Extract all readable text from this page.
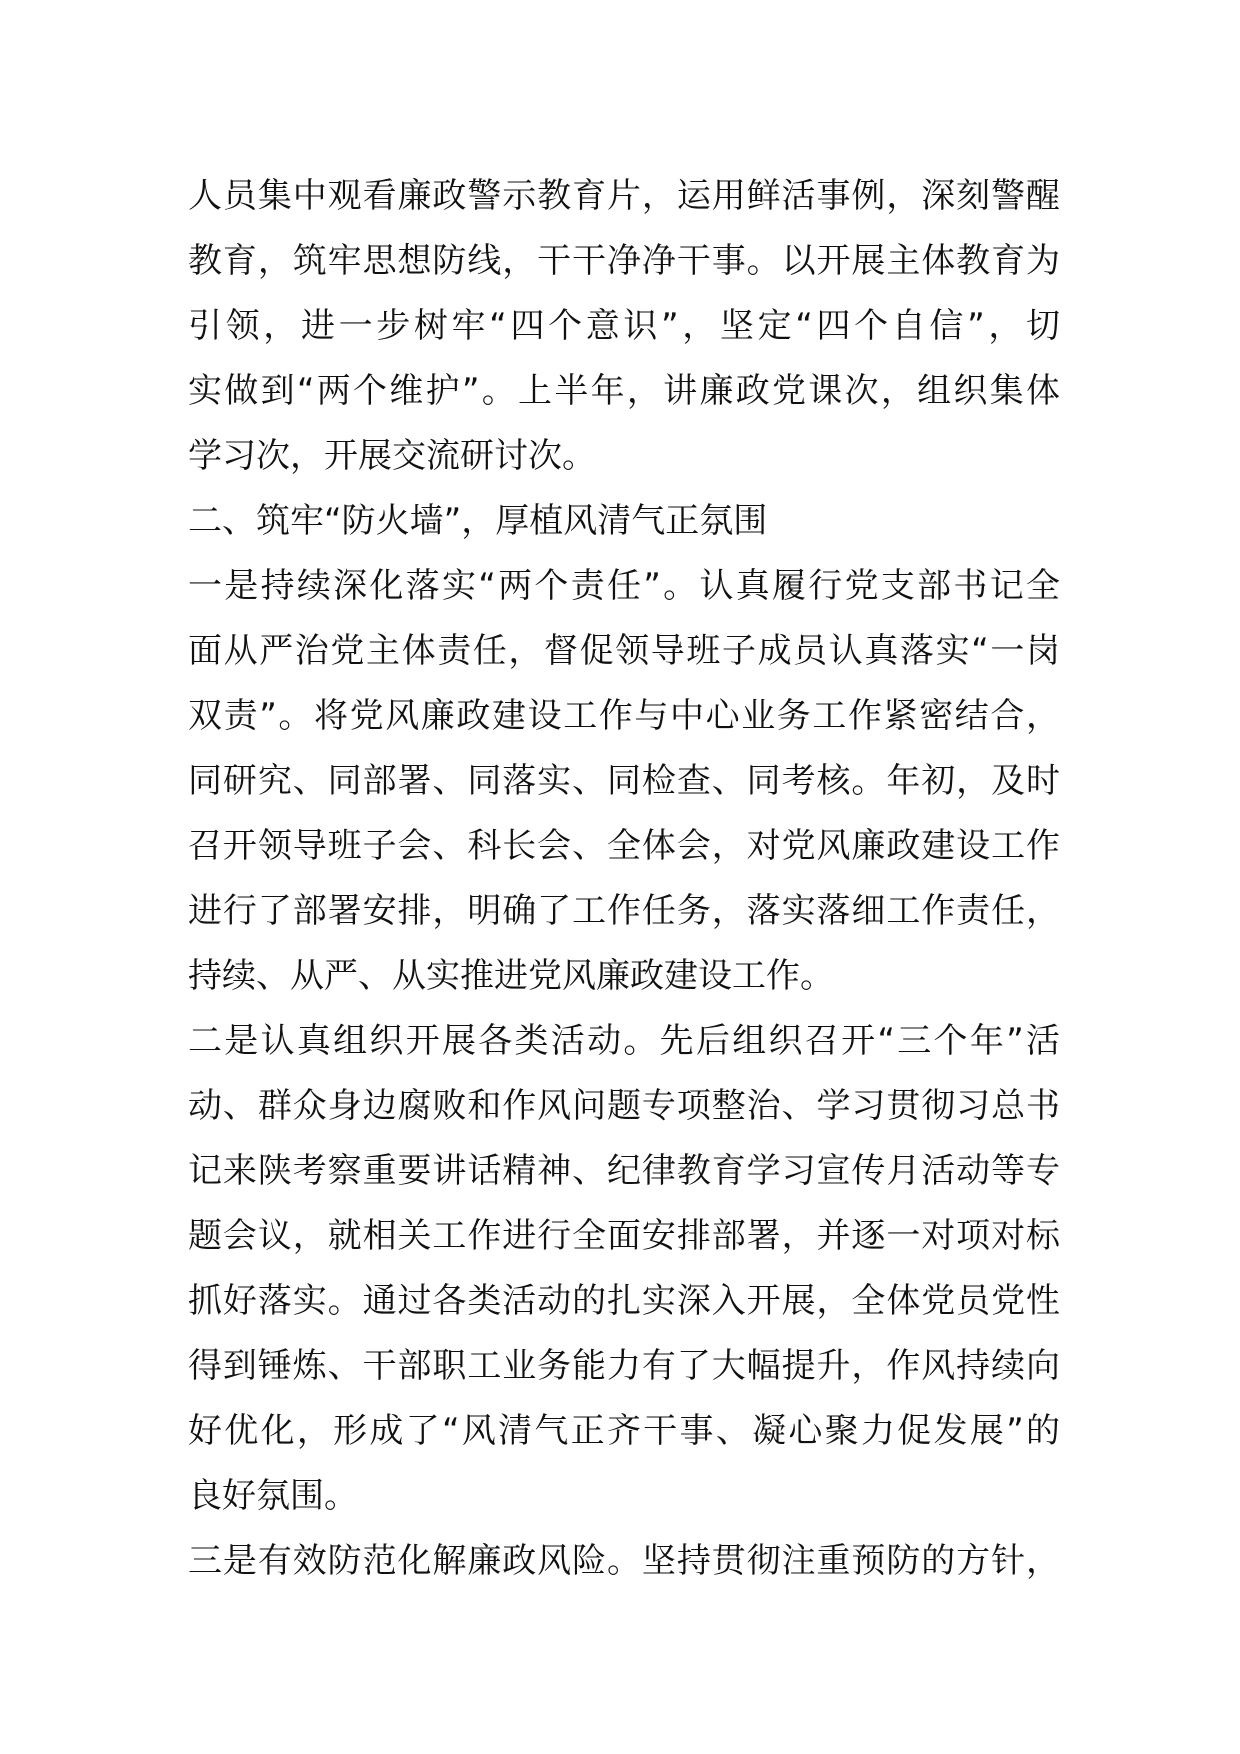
人员集中观看廉政警示教育片，运用鲜活事例，深刻警醒
教育，筑牢思想防线，干干净净干事。以开展主体教育为
引领，进一步树牢“四个意识”，坚定“四个自信”，切
实做到“两个维护”。上半年，讲廉政党课次，组织集体
学习次，开展交流研讨次。
二、筑牢“防火墙”，厚植风清气正氛围
一是持续深化落实“两个责任”。认真履行党支部书记全
面从严治党主体责任，督促领导班子成员认真落实“一岗
双责”。将党风廉政建设工作与中心业务工作紧密结合，
同研究、同部署、同落实、同检查、同考核。年初，及时
召开领导班子会、科长会、全体会，对党风廉政建设工作
进行了部署安排，明确了工作任务，落实落细工作责任，
持续、从严、从实推进党风廉政建设工作。
二是认真组织开展各类活动。先后组织召开“三个年”活
动、群众身边腐败和作风问题专项整治、学习贯彻习总书
记来陕考察重要讲话精神、纪律教育学习宣传月活动等专
题会议，就相关工作进行全面安排部署，并逐一对项对标
抓好落实。通过各类活动的扎实深入开展，全体党员党性
得到锤炼、干部职工业务能力有了大幅提升，作风持续向
好优化，形成了“风清气正齐干事、凝心聚力促发展”的
良好氛围。
三是有效防范化解廉政风险。坚持贯彻注重预防的方针，
